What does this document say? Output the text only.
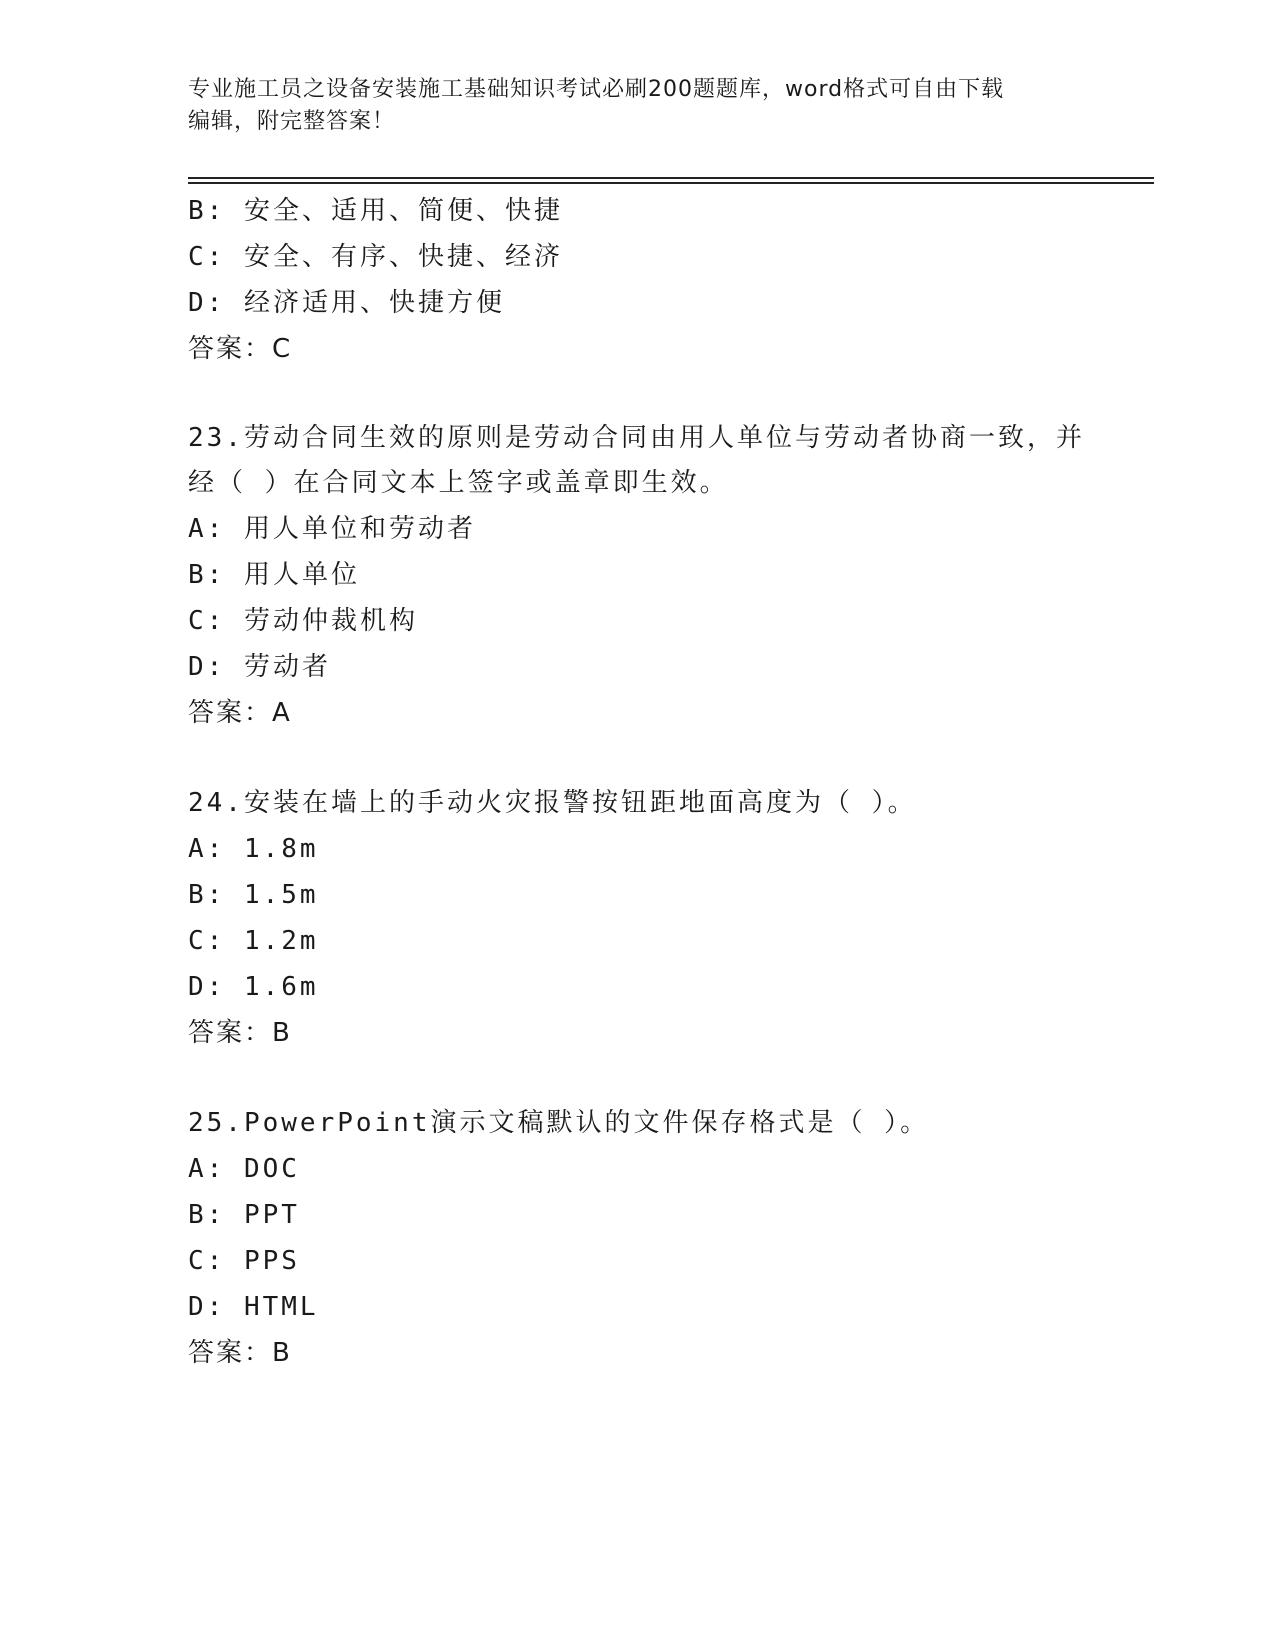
专业施工员之设备安装施工基础知识考试必刷200题题库，word格式可自由下载
编辑，附完整答案！
B: 安全、适用、简便、快捷
C: 安全、有序、快捷、经济
D: 经济适用、快捷方便
答案：C
23.劳动合同生效的原则是劳动合同由用人单位与劳动者协商一致，并经（ ）在合同文本上签字或盖章即生效。
A: 用人单位和劳动者
B: 用人单位
C: 劳动仲裁机构
D: 劳动者
答案：A
24.安装在墙上的手动火灾报警按钮距地面高度为（ ）。
A: 1.8m
B: 1.5m
C: 1.2m
D: 1.6m
答案：B
25.PowerPoint演示文稿默认的文件保存格式是（ ）。
A: DOC
B: PPT
C: PPS
D: HTML
答案：B
